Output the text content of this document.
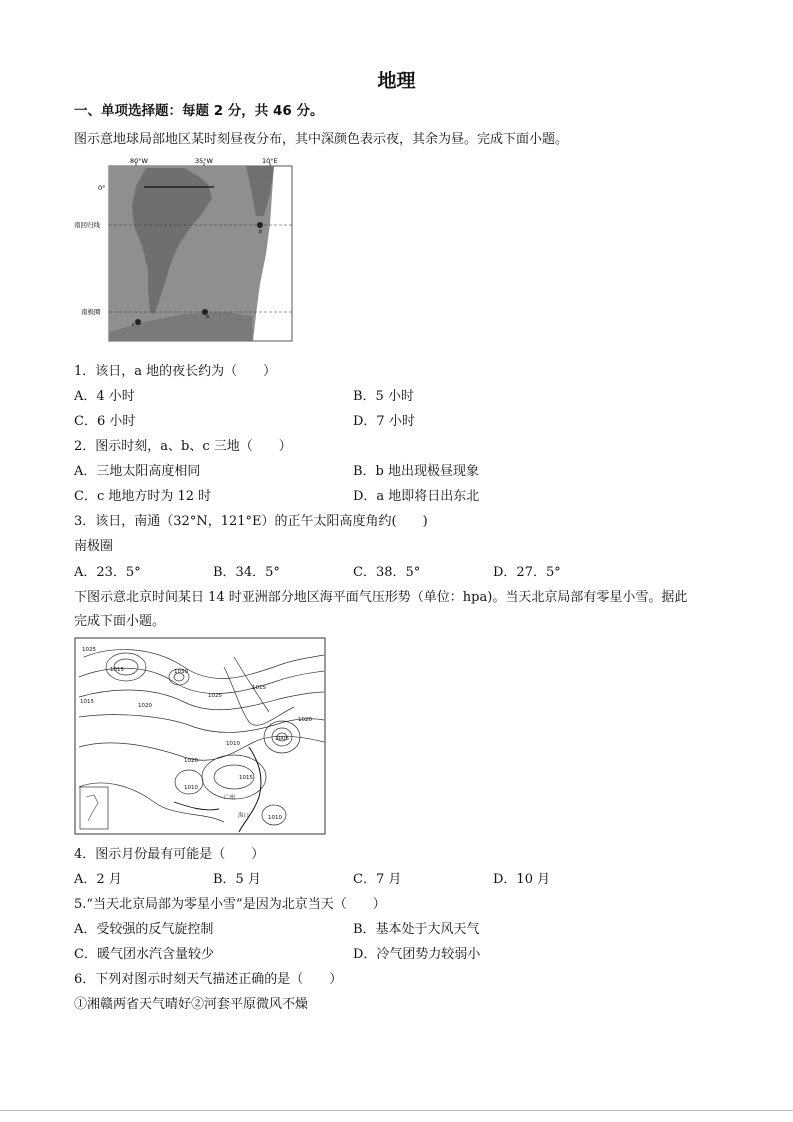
地理
一、单项选择题：每题 2 分，共 46 分。
图示意地球局部地区某时刻昼夜分布，其中深颜色表示夜，其余为昼。完成下面小题。
80°W	35°W	10°E
0°
南回归线
南极圈
b
a
c
1．该日，a 地的夜长约为（　　）
A．4 小时	B．5 小时
C．6 小时	D．7 小时
2．图示时刻，a、b、c 三地（　　）
A．三地太阳高度相同	B．b 地出现极昼现象
C．c 地地方时为 12 时	D．a 地即将日出东北
3．该日，南通（32°N，121°E）的正午太阳高度角约(　　)
南极圈
A．23．5°	B．34．5°	C．38．5°	D．27．5°
下图示意北京时间某日 14 时亚洲部分地区海平面气压形势（单位：hpa)。当天北京局部有零星小雪。据此
完成下面小题。
1025
1015	1030
1025
1015
1020
1015
1020
1010
1015
1020
1005
1010
1010
广州
海口
4．图示月份最有可能是（　　）
A．2 月	B．5 月	C．7 月	D．10 月
5.“当天北京局部为零星小雪”是因为北京当天（　　）
A．受较强的反气旋控制	B．基本处于大风天气
C．暖气团水汽含量较少	D．冷气团势力较弱小
6．下列对图示时刻天气描述正确的是（　　）
①湘赣两省天气晴好②河套平原微风不燥
